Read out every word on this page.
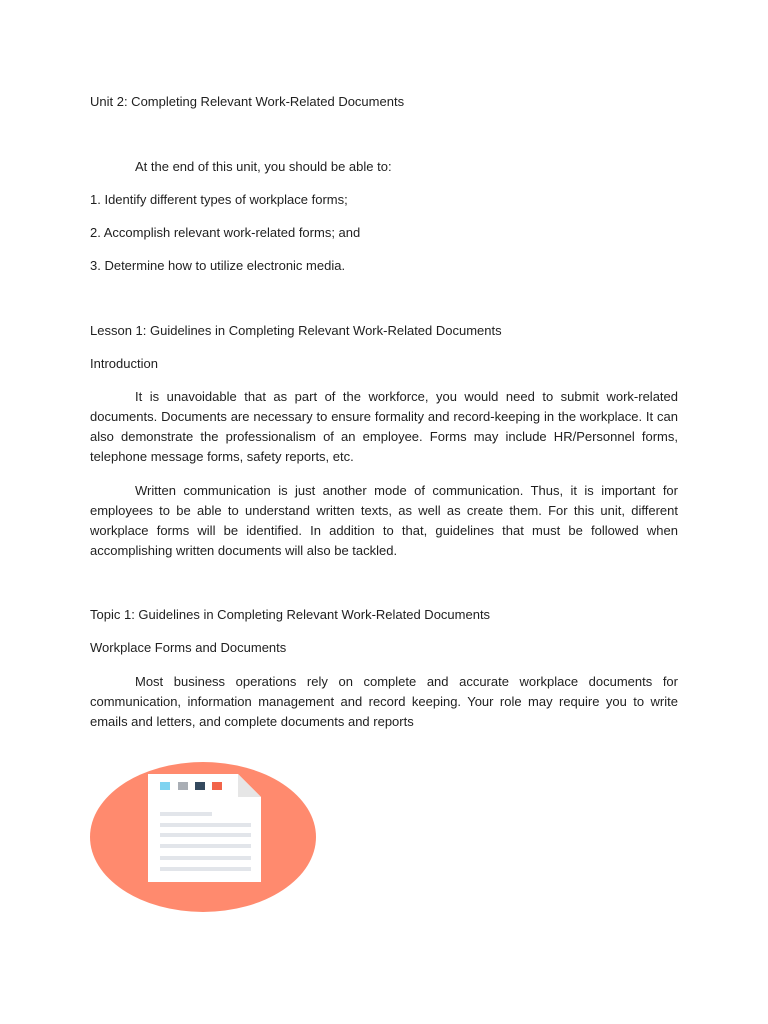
Unit 2: Completing Relevant Work-Related Documents

At the end of this unit, you should be able to:

1. Identify different types of workplace forms;

2. Accomplish relevant work-related forms; and

3. Determine how to utilize electronic media.

Lesson 1: Guidelines in Completing Relevant Work-Related Documents

Introduction

It is unavoidable that as part of the workforce, you would need to submit work-related documents. Documents are necessary to ensure formality and record-keeping in the workplace. It can also demonstrate the professionalism of an employee. Forms may include HR/Personnel forms, telephone message forms, safety reports, etc.

Written communication is just another mode of communication. Thus, it is important for employees to be able to understand written texts, as well as create them. For this unit, different workplace forms will be identified. In addition to that, guidelines that must be followed when accomplishing written documents will also be tackled.

Topic 1: Guidelines in Completing Relevant Work-Related Documents

Workplace Forms and Documents

Most business operations rely on complete and accurate workplace documents for communication, information management and record keeping. Your role may require you to write emails and letters, and complete documents and reports
